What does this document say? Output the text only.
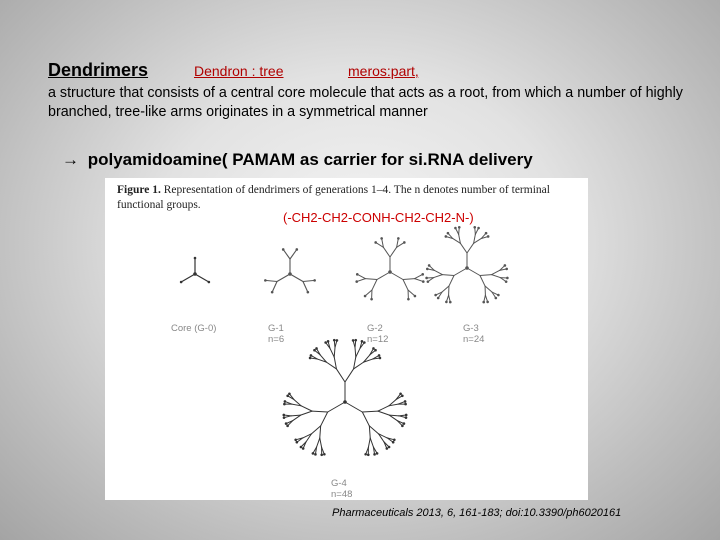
Dendrimers	Dendron : tree	meros:part,
a structure that consists of a central core molecule that acts as a root, from which a number of highly branched, tree-like arms originates in a symmetrical manner
→ polyamidoamine( PAMAM as carrier for si.RNA delivery
Figure 1. Representation of dendrimers of generations 1–4. The n denotes number of terminal functional groups.
(-CH2-CH2-CONH-CH2-CH2-N-)
Core (G-0)	G-1
n=6
G-2
n=12
G-3
n=24
G-4
n=48
Pharmaceuticals 2013, 6, 161-183; doi:10.3390/ph6020161
